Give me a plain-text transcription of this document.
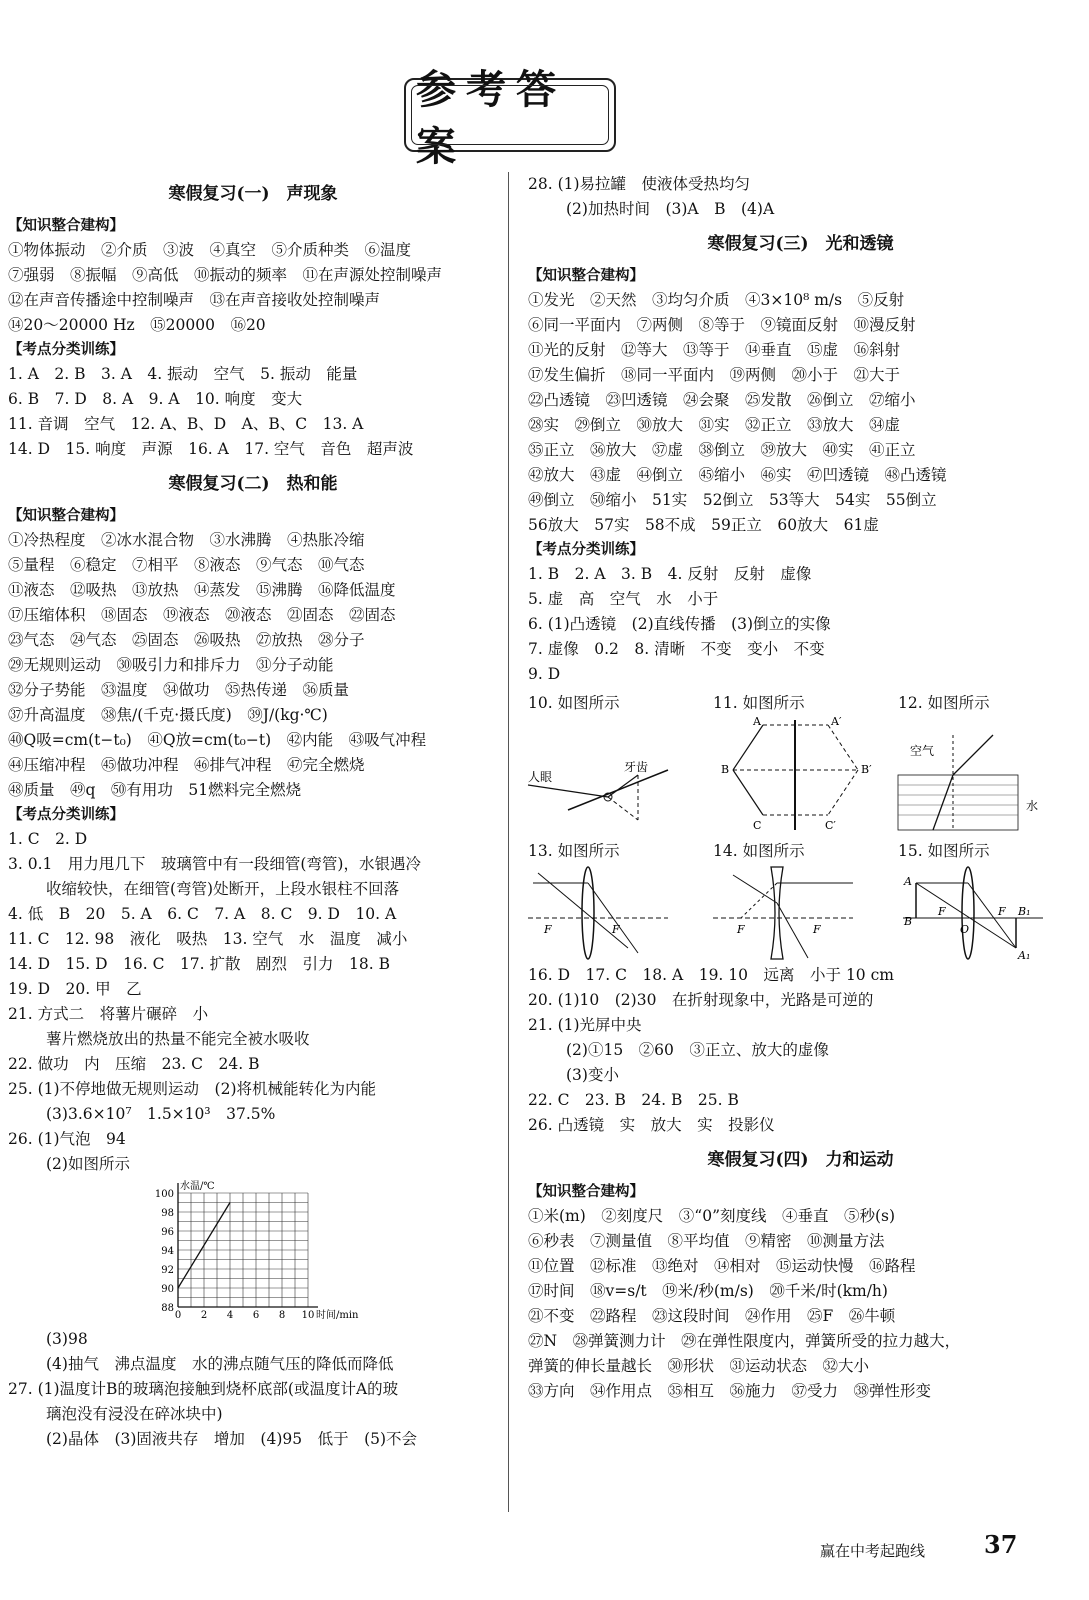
参考答案
寒假复习(一)　声现象
【知识整合建构】
①物体振动　②介质　③波　④真空　⑤介质种类　⑥温度
⑦强弱　⑧振幅　⑨高低　⑩振动的频率　⑪在声源处控制噪声
⑫在声音传播途中控制噪声　⑬在声音接收处控制噪声
⑭20～20000 Hz　⑮20000　⑯20
【考点分类训练】
1. A　2. B　3. A　4. 振动　空气　5. 振动　能量
6. B　7. D　8. A　9. A　10. 响度　变大
11. 音调　空气　12. A、B、D　A、B、C　13. A
14. D　15. 响度　声源　16. A　17. 空气　音色　超声波
寒假复习(二)　热和能
【知识整合建构】
①冷热程度　②冰水混合物　③水沸腾　④热胀冷缩
⑤量程　⑥稳定　⑦相平　⑧液态　⑨气态　⑩气态
⑪液态　⑫吸热　⑬放热　⑭蒸发　⑮沸腾　⑯降低温度
⑰压缩体积　⑱固态　⑲液态　⑳液态　㉑固态　㉒固态
㉓气态　㉔气态　㉕固态　㉖吸热　㉗放热　㉘分子
㉙无规则运动　㉚吸引力和排斥力　㉛分子动能
㉜分子势能　㉝温度　㉞做功　㉟热传递　㊱质量
㊲升高温度　㊳焦/(千克·摄氏度)　㊴J/(kg·℃)
㊵Q吸=cm(t−t₀)　㊶Q放=cm(t₀−t)　㊷内能　㊸吸气冲程
㊹压缩冲程　㊺做功冲程　㊻排气冲程　㊼完全燃烧
㊽质量　㊾q　㊿有用功　51燃料完全燃烧
【考点分类训练】
1. C　2. D
3. 0.1　用力甩几下　玻璃管中有一段细管(弯管)，水银遇冷
收缩较快，在细管(弯管)处断开，上段水银柱不回落
4. 低　B　20　5. A　6. C　7. A　8. C　9. D　10. A
11. C　12. 98　液化　吸热　13. 空气　水　温度　减小
14. D　15. D　16. C　17. 扩散　剧烈　引力　18. B
19. D　20. 甲　乙
21. 方式二　将薯片碾碎　小
薯片燃烧放出的热量不能完全被水吸收
22. 做功　内　压缩　23. C　24. B
25. (1)不停地做无规则运动　(2)将机械能转化为内能
(3)3.6×10⁷　1.5×10³　37.5%
26. (1)气泡　94
(2)如图所示
88
90
92
94
96
98
100
0 2 4 6 8 10
水温/℃
时间/min
(3)98
(4)抽气　沸点温度　水的沸点随气压的降低而降低
27. (1)温度计B的玻璃泡接触到烧杯底部(或温度计A的玻
璃泡没有浸没在碎冰块中)
(2)晶体　(3)固液共存　增加　(4)95　低于　(5)不会
28. (1)易拉罐　使液体受热均匀
(2)加热时间　(3)A　B　(4)A
寒假复习(三)　光和透镜
【知识整合建构】
①发光　②天然　③均匀介质　④3×10⁸ m/s　⑤反射
⑥同一平面内　⑦两侧　⑧等于　⑨镜面反射　⑩漫反射
⑪光的反射　⑫等大　⑬等于　⑭垂直　⑮虚　⑯斜射
⑰发生偏折　⑱同一平面内　⑲两侧　⑳小于　㉑大于
㉒凸透镜　㉓凹透镜　㉔会聚　㉕发散　㉖倒立　㉗缩小
㉘实　㉙倒立　㉚放大　㉛实　㉜正立　㉝放大　㉞虚
㉟正立　㊱放大　㊲虚　㊳倒立　㊴放大　㊵实　㊶正立
㊷放大　㊸虚　㊹倒立　㊺缩小　㊻实　㊼凹透镜　㊽凸透镜
㊾倒立　㊿缩小　51实　52倒立　53等大　54实　55倒立
56放大　57实　58不成　59正立　60放大　61虚
【考点分类训练】
1. B　2. A　3. B　4. 反射　反射　虚像
5. 虚　高　空气　水　小于
6. (1)凸透镜　(2)直线传播　(3)倒立的实像
7. 虚像　0.2　8. 清晰　不变　变小　不变
9. D
10. 如图所示
人眼
牙齿
11. 如图所示
A	A′
B	B′
C	C′
12. 如图所示
空气
水
13. 如图所示
F	F
14. 如图所示
F	F
15. 如图所示
A
B
F
O
F B₁
A₁
16. D　17. C　18. A　19. 10　远离　小于 10 cm
20. (1)10　(2)30　在折射现象中，光路是可逆的
21. (1)光屏中央
(2)①15　②60　③正立、放大的虚像
(3)变小
22. C　23. B　24. B　25. B
26. 凸透镜　实　放大　实　投影仪
寒假复习(四)　力和运动
【知识整合建构】
①米(m)　②刻度尺　③“0”刻度线　④垂直　⑤秒(s)
⑥秒表　⑦测量值　⑧平均值　⑨精密　⑩测量方法
⑪位置　⑫标准　⑬绝对　⑭相对　⑮运动快慢　⑯路程
⑰时间　⑱v=s/t　⑲米/秒(m/s)　⑳千米/时(km/h)
㉑不变　㉒路程　㉓这段时间　㉔作用　㉕F　㉖牛顿
㉗N　㉘弹簧测力计　㉙在弹性限度内，弹簧所受的拉力越大，
弹簧的伸长量越长　㉚形状　㉛运动状态　㉜大小
㉝方向　㉞作用点　㉟相互　㊱施力　㊲受力　㊳弹性形变
赢在中考起跑线 37
